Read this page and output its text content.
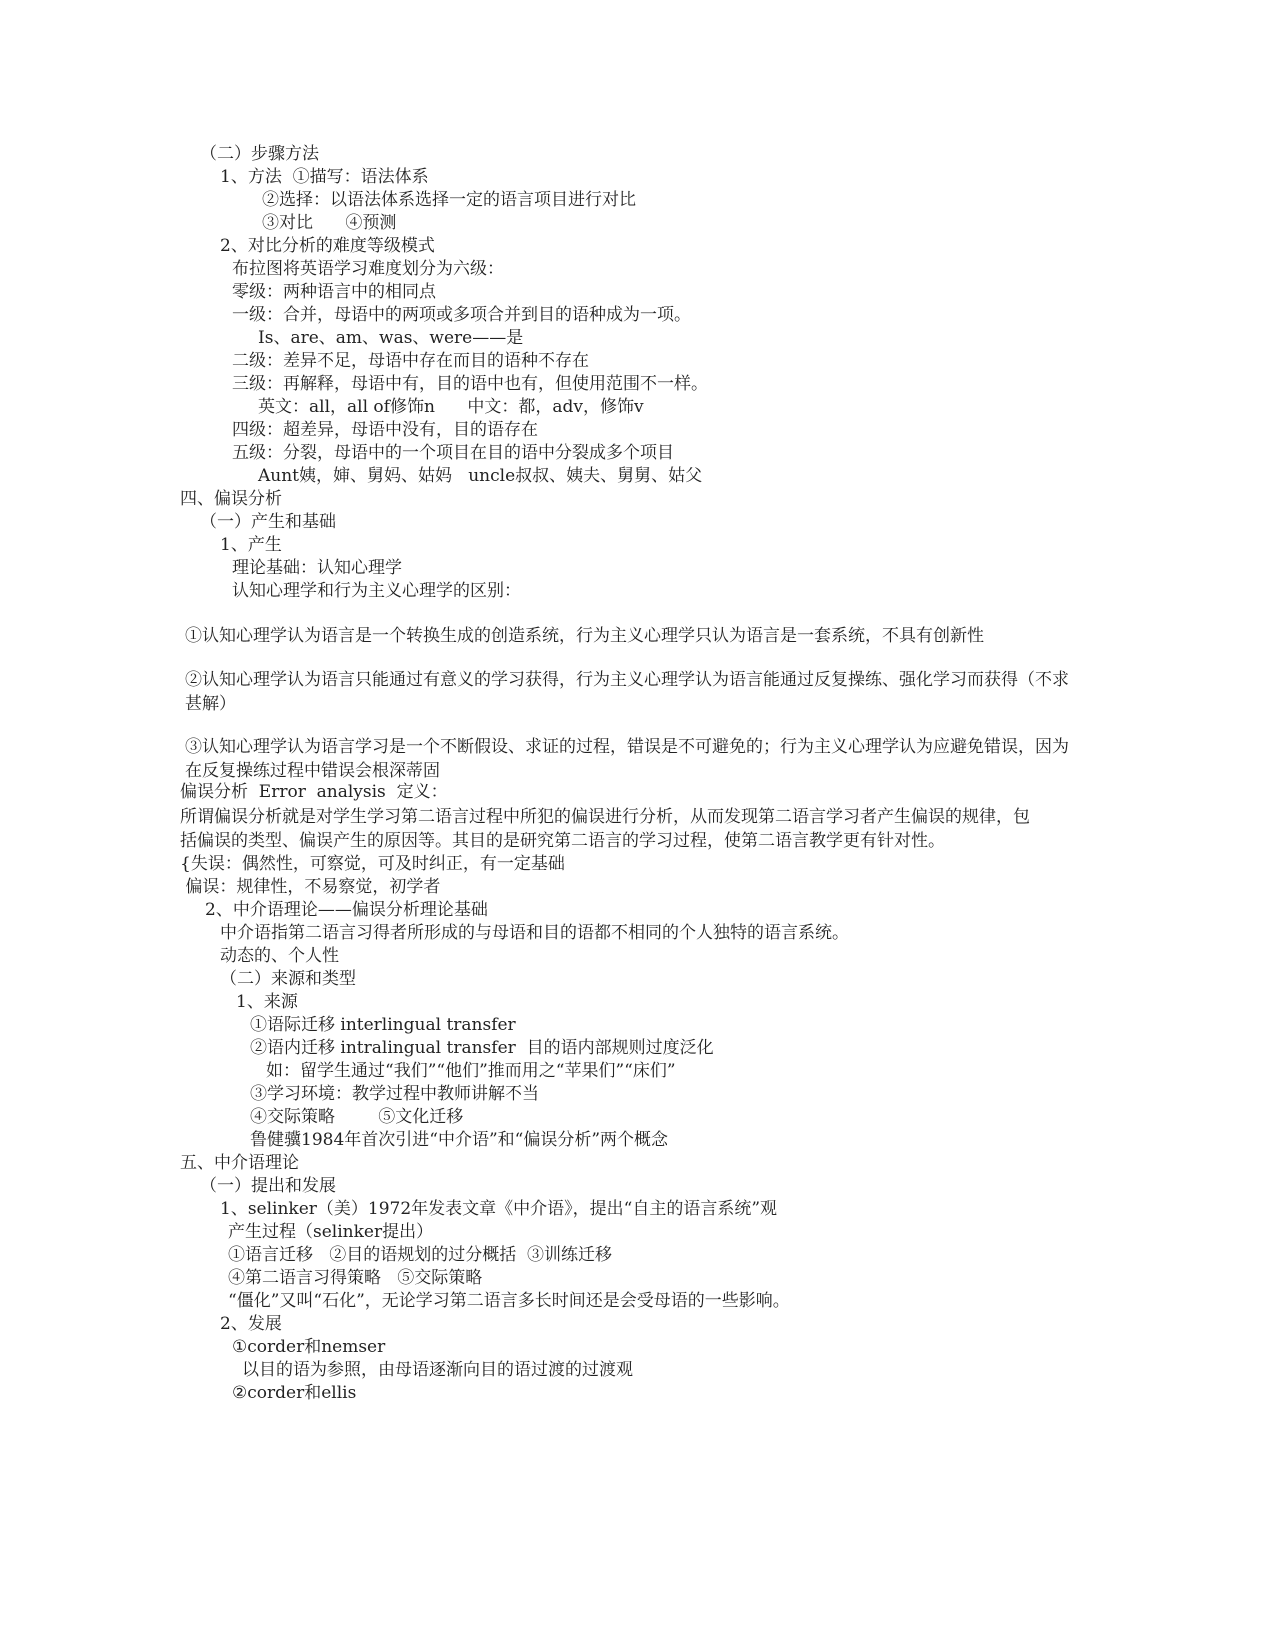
（二）步骤方法
1、方法  ①描写：语法体系
②选择：以语法体系选择一定的语言项目进行对比
③对比      ④预测
2、对比分析的难度等级模式
布拉图将英语学习难度划分为六级：
零级：两种语言中的相同点
一级：合并，母语中的两项或多项合并到目的语种成为一项。
Is、are、am、was、were——是
二级：差异不足，母语中存在而目的语种不存在
三级：再解释，母语中有，目的语中也有，但使用范围不一样。
英文：all，all of修饰n      中文：都，adv，修饰v
四级：超差异，母语中没有，目的语存在
五级：分裂，母语中的一个项目在目的语中分裂成多个项目
Aunt姨，婶、舅妈、姑妈   uncle叔叔、姨夫、舅舅、姑父
四、偏误分析
（一）产生和基础
1、产生
理论基础：认知心理学
认知心理学和行为主义心理学的区别：
①认知心理学认为语言是一个转换生成的创造系统，行为主义心理学只认为语言是一套系统，不具有创新性
②认知心理学认为语言只能通过有意义的学习获得，行为主义心理学认为语言能通过反复操练、强化学习而获得（不求甚解）
③认知心理学认为语言学习是一个不断假设、求证的过程，错误是不可避免的；行为主义心理学认为应避免错误，因为在反复操练过程中错误会根深蒂固
偏误分析  Error  analysis  定义：
所谓偏误分析就是对学生学习第二语言过程中所犯的偏误进行分析，从而发现第二语言学习者产生偏误的规律，包括偏误的类型、偏误产生的原因等。其目的是研究第二语言的学习过程，使第二语言教学更有针对性。
{失误：偶然性，可察觉，可及时纠正，有一定基础
偏误：规律性，不易察觉，初学者
2、中介语理论——偏误分析理论基础
中介语指第二语言习得者所形成的与母语和目的语都不相同的个人独特的语言系统。
动态的、个人性
（二）来源和类型
1、来源
①语际迁移 interlingual transfer
②语内迁移 intralingual transfer  目的语内部规则过度泛化
如：留学生通过“我们”“他们”推而用之“苹果们”“床们”
③学习环境：教学过程中教师讲解不当
④交际策略        ⑤文化迁移
鲁健骥1984年首次引进“中介语”和“偏误分析”两个概念
五、中介语理论
（一）提出和发展
1、selinker（美）1972年发表文章《中介语》，提出“自主的语言系统”观
产生过程（selinker提出）
①语言迁移   ②目的语规划的过分概括  ③训练迁移
④第二语言习得策略   ⑤交际策略
“僵化”又叫“石化”，无论学习第二语言多长时间还是会受母语的一些影响。
2、发展
①corder和nemser
以目的语为参照，由母语逐渐向目的语过渡的过渡观
②corder和ellis
